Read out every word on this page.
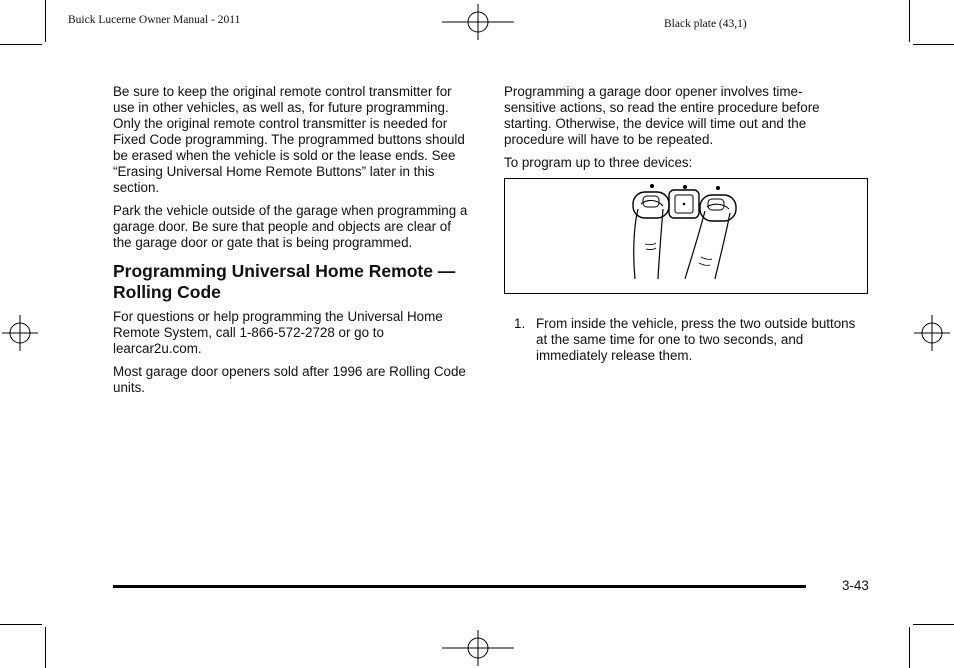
Buick Lucerne Owner Manual - 2011	Black plate (43,1)

Be sure to keep the original remote control transmitter for use in other vehicles, as well as, for future programming. Only the original remote control transmitter is needed for Fixed Code programming. The programmed buttons should be erased when the vehicle is sold or the lease ends. See “Erasing Universal Home Remote Buttons” later in this section.

Park the vehicle outside of the garage when programming a garage door. Be sure that people and objects are clear of the garage door or gate that is being programmed.

Programming Universal Home Remote — Rolling Code

For questions or help programming the Universal Home Remote System, call 1-866-572-2728 or go to learcar2u.com.

Most garage door openers sold after 1996 are Rolling Code units.

Programming a garage door opener involves time-sensitive actions, so read the entire procedure before starting. Otherwise, the device will time out and the procedure will have to be repeated.

To program up to three devices:

1. From inside the vehicle, press the two outside buttons at the same time for one to two seconds, and immediately release them.
3-43
